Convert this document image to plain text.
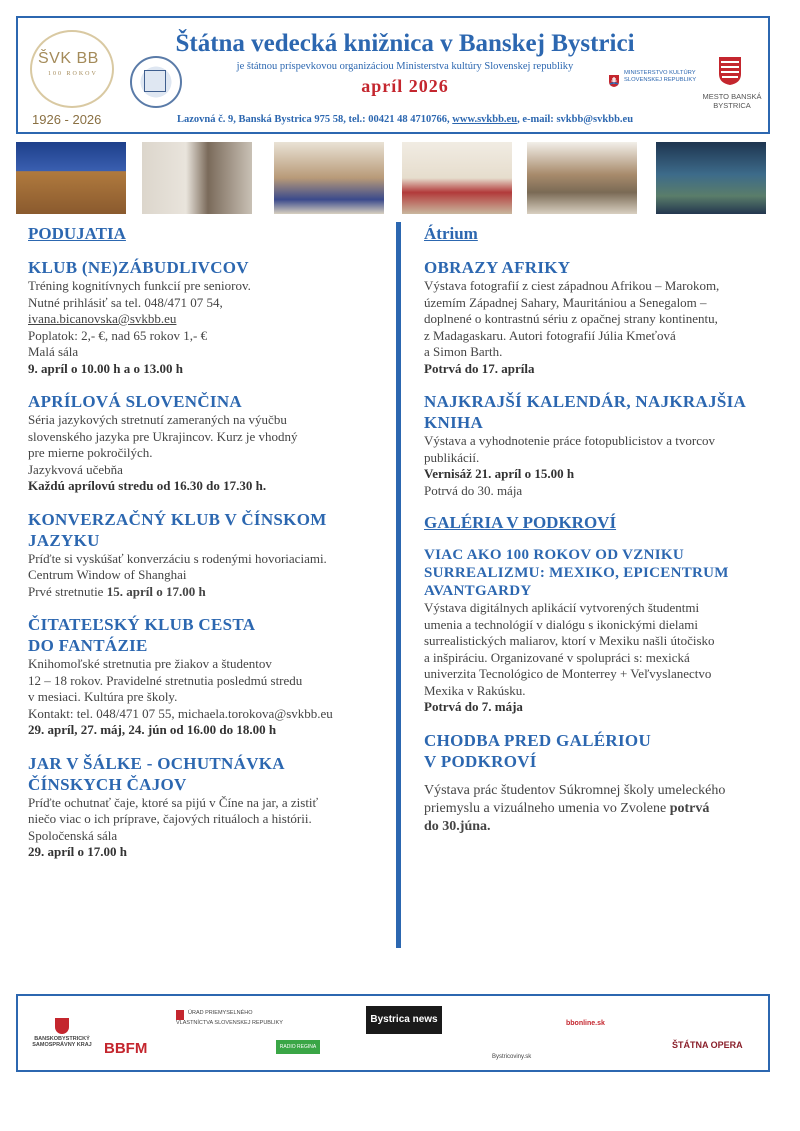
ŠVK BB
100 ROKOV
1926 - 2026
Štátna vedecká knižnica v Banskej Bystrici
je štátnou príspevkovou organizáciou Ministerstva kultúry Slovenskej republiky
apríl 2026
Lazovná č. 9, Banská Bystrica 975 58, tel.: 00421 48 4710766, www.svkbb.eu, e-mail: svkbb@svkbb.eu
MINISTERSTVO KULTÚRY SLOVENSKEJ REPUBLIKY
MESTO BANSKÁ BYSTRICA
PODUJATIA
KLUB (NE)ZÁBUDLIVCOV
Tréning kognitívnych funkcií pre seniorov.
Nutné prihlásiť sa tel. 048/471 07 54,
ivana.bicanovska@svkbb.eu
Poplatok: 2,- €, nad 65 rokov 1,- €
Malá sála
9. apríl o 10.00 h a o 13.00 h
APRÍLOVÁ SLOVENČINA
Séria jazykových stretnutí zameraných na výučbu
slovenského jazyka pre Ukrajincov. Kurz je vhodný
pre mierne pokročilých.
Jazykvová učebňa
Každú aprílovú stredu od 16.30 do 17.30 h.
KONVERZAČNÝ KLUB V ČÍNSKOM JAZYKU
Príďte si vyskúšať konverzáciu s rodenými hovoriaciami.
Centrum Window of Shanghai
Prvé stretnutie 15. apríl o 17.00 h
ČITATEĽSKÝ KLUB CESTA
DO FANTÁZIE
Knihomoľské stretnutia pre žiakov a študentov
12 – 18 rokov. Pravidelné stretnutia posledmú stredu
v mesiaci. Kultúra pre školy.
Kontakt: tel. 048/471 07 55, michaela.torokova@svkbb.eu
29. apríl, 27. máj, 24. jún od 16.00 do 18.00 h
JAR V ŠÁLKE - OCHUTNÁVKA
ČÍNSKYCH ČAJOV
Príďte ochutnať čaje, ktoré sa pijú v Číne na jar, a zistiť
niečo viac o ich príprave, čajových rituáloch a histórii.
Spoločenská sála
29. apríl o 17.00 h
Átrium
OBRAZY AFRIKY
Výstava fotografií z ciest západnou Afrikou – Marokom,
územím Západnej Sahary, Mauritániou a Senegalom –
doplnené o kontrastnú sériu z opačnej strany kontinentu,
z Madagaskaru. Autori fotografií Júlia Kmeťová
a Simon Barth.
Potrvá do 17. apríla
NAJKRAJŠÍ KALENDÁR, NAJKRAJŠIA KNIHA
Výstava a vyhodnotenie práce fotopublicistov a tvorcov
publikácií.
Vernisáž 21. apríl o 15.00 h
Potrvá do 30. mája
GALÉRIA V PODKROVÍ
VIAC AKO 100 ROKOV OD VZNIKU
SURREALIZMU: MEXIKO, EPICENTRUM
AVANTGARDY
Výstava digitálnych aplikácií vytvorených študentmi
umenia a technológií v dialógu s ikonickými dielami
surrealistických maliarov, ktorí v Mexiku našli útočisko
a inšpiráciu. Organizované v spolupráci s: mexická
univerzita Tecnológico de Monterrey + Veľvyslanectvo
Mexika v Rakúsku.
Potrvá do 7. mája
CHODBA PRED GALÉRIOU
V PODKROVÍ
Výstava prác študentov Súkromnej školy umeleckého
priemyslu a vizuálneho umenia vo Zvolene potrvá
do 30.júna.
BANSKOBYSTRICKÝ SAMOSPRÁVNY KRAJ BBFM
ÚRAD PRIEMYSELNÉHO VLASTNÍCTVA SLOVENSKEJ REPUBLIKY
RADIO REGINA
Bystrica news
Bystricoviny.sk
bbonline.sk
ŠTÁTNA OPERA
